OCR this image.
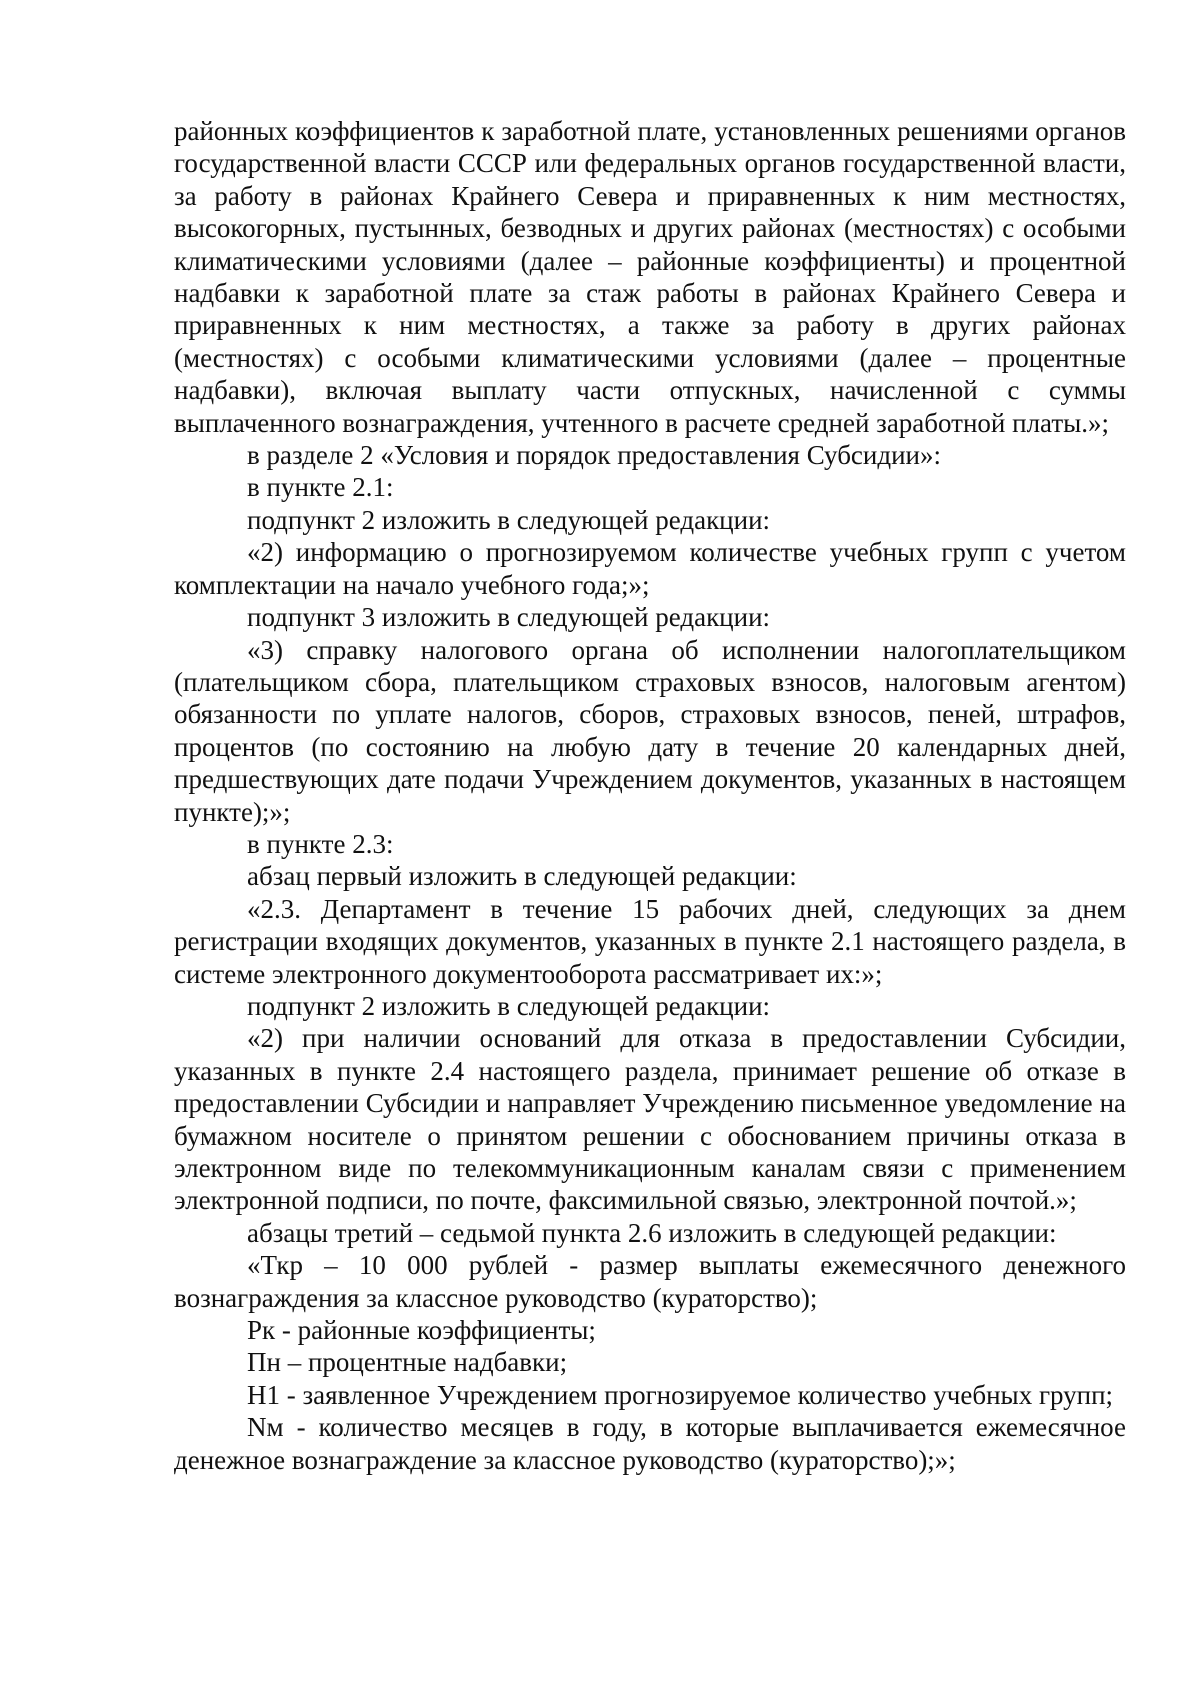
районных коэффициентов к заработной плате, установленных решениями органов государственной власти СССР или федеральных органов государственной власти, за работу в районах Крайнего Севера и приравненных к ним местностях, высокогорных, пустынных, безводных и других районах (местностях) с особыми климатическими условиями (далее – районные коэффициенты) и процентной надбавки к заработной плате за стаж работы в районах Крайнего Севера и приравненных к ним местностях, а также за работу в других районах (местностях) с особыми климатическими условиями (далее – процентные надбавки), включая выплату части отпускных, начисленной с суммы выплаченного вознаграждения, учтенного в расчете средней заработной платы.»;

в разделе 2 «Условия и порядок предоставления Субсидии»:

в пункте 2.1:

подпункт 2 изложить в следующей редакции:

«2) информацию о прогнозируемом количестве учебных групп с учетом комплектации на начало учебного года;»;

подпункт 3 изложить в следующей редакции:

«3) справку налогового органа об исполнении налогоплательщиком (плательщиком сбора, плательщиком страховых взносов, налоговым агентом) обязанности по уплате налогов, сборов, страховых взносов, пеней, штрафов, процентов (по состоянию на любую дату в течение 20 календарных дней, предшествующих дате подачи Учреждением документов, указанных в настоящем пункте);»;

в пункте 2.3:

абзац первый изложить в следующей редакции:

«2.3. Департамент в течение 15 рабочих дней, следующих за днем регистрации входящих документов, указанных в пункте 2.1 настоящего раздела, в системе электронного документооборота рассматривает их:»;

подпункт 2 изложить в следующей редакции:

«2) при наличии оснований для отказа в предоставлении Субсидии, указанных в пункте 2.4 настоящего раздела, принимает решение об отказе в предоставлении Субсидии и направляет Учреждению письменное уведомление на бумажном носителе о принятом решении с обоснованием причины отказа в электронном виде по телекоммуникационным каналам связи с применением электронной подписи, по почте, факсимильной связью, электронной почтой.»;

абзацы третий – седьмой пункта 2.6 изложить в следующей редакции:

«Ткр – 10 000 рублей - размер выплаты ежемесячного денежного вознаграждения за классное руководство (кураторство);

Рк - районные коэффициенты;

Пн – процентные надбавки;

Н1 - заявленное Учреждением прогнозируемое количество учебных групп;

Nм - количество месяцев в году, в которые выплачивается ежемесячное денежное вознаграждение за классное руководство (кураторство);»;
